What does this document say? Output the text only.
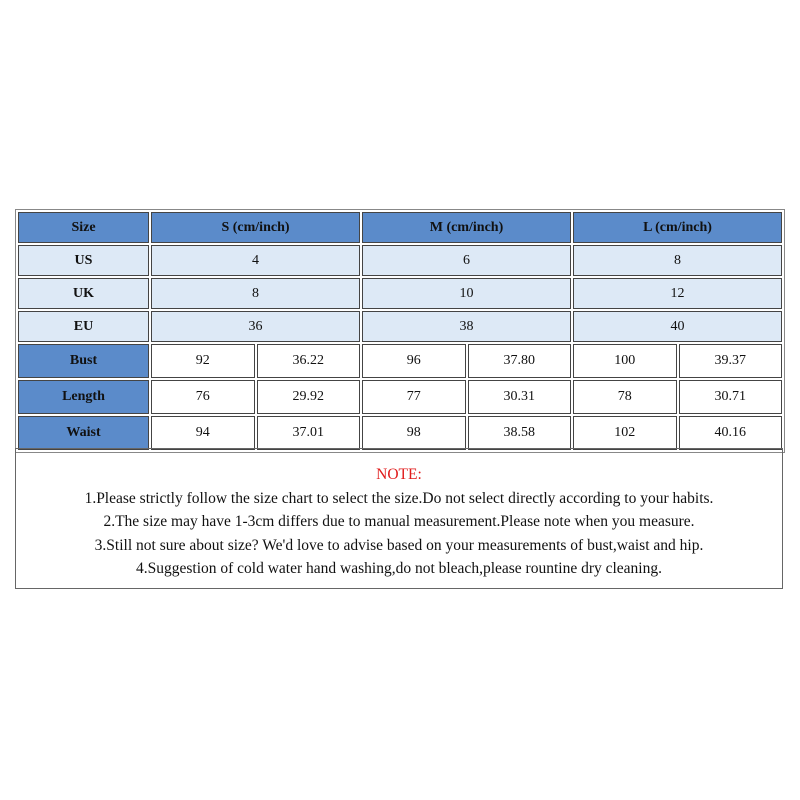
Size	S (cm/inch)		M (cm/inch)		L (cm/inch)	
US	4		6		8	
UK	8		10		12	
EU	36		38		40	
Bust	92	36.22	96	37.80	100	39.37
Length	76	29.92	77	30.31	78	30.71
Waist	94	37.01	98	38.58	102	40.16
NOTE:
1.Please strictly follow the size chart to select the size.Do not select directly according to your habits.
2.The size may have 1-3cm differs due to manual measurement.Please note when you measure.
3.Still not sure about size? We'd love to advise based on your measurements of bust,waist and hip.
4.Suggestion of cold water hand washing,do not bleach,please rountine dry cleaning.
